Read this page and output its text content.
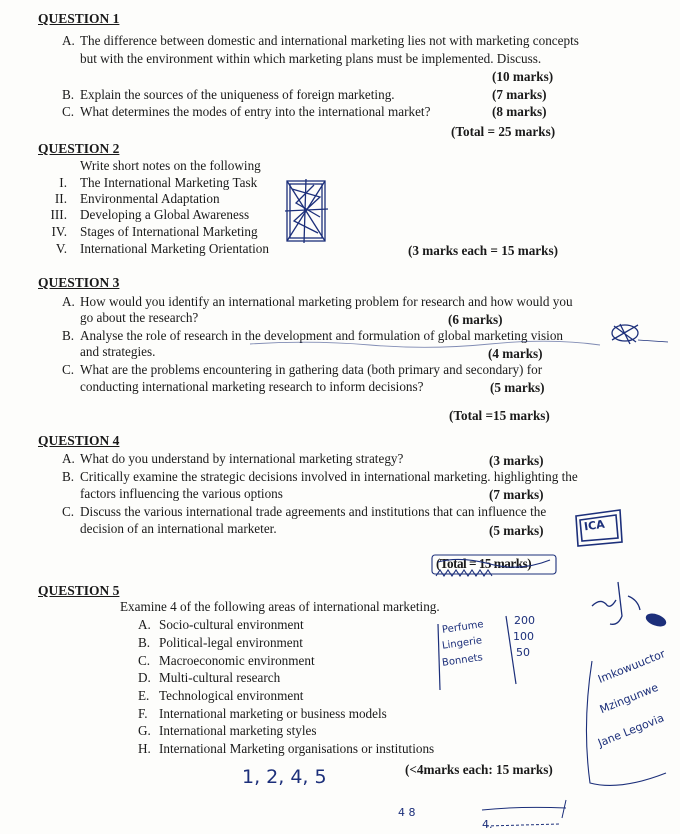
QUESTION 1
A. The difference between domestic and international marketing lies not with marketing concepts
but with the environment within which marketing plans must be implemented. Discuss.
(10 marks)
B. Explain the sources of the uniqueness of foreign marketing.	(7 marks)
C. What determines the modes of entry into the international market?	(8 marks)
(Total = 25 marks)
QUESTION 2
Write short notes on the following
I. The International Marketing Task
II. Environmental Adaptation
III. Developing a Global Awareness
IV. Stages of International Marketing
V. International Marketing Orientation	(3 marks each = 15 marks)
QUESTION 3
A. How would you identify an international marketing problem for research and how would you
go about the research?	(6 marks)
B. Analyse the role of research in the development and formulation of global marketing vision
and strategies.	(4 marks)
C. What are the problems encountering in gathering data (both primary and secondary) for
conducting international marketing research to inform decisions?	(5 marks)
(Total =15 marks)
QUESTION 4
A. What do you understand by international marketing strategy?	(3 marks)
B. Critically examine the strategic decisions involved in international marketing. highlighting the
factors influencing the various options	(7 marks)
C. Discuss the various international trade agreements and institutions that can influence the
decision of an international marketer.	(5 marks)
(Total = 15 marks)
ICA
QUESTION 5
Examine 4 of the following areas of international marketing.
A. Socio-cultural environment
B. Political-legal environment
C. Macroeconomic environment
D. Multi-cultural research
E. Technological environment
F. International marketing or business models
G. International marketing styles
H. International Marketing organisations or institutions
(<4marks each: 15 marks)
1, 2, 4, 5
Perfume
Lingerie
Bonnets
200
100
50	Imkowuuctor
Mzingunwe
Jane Legovia
4 8
4.
